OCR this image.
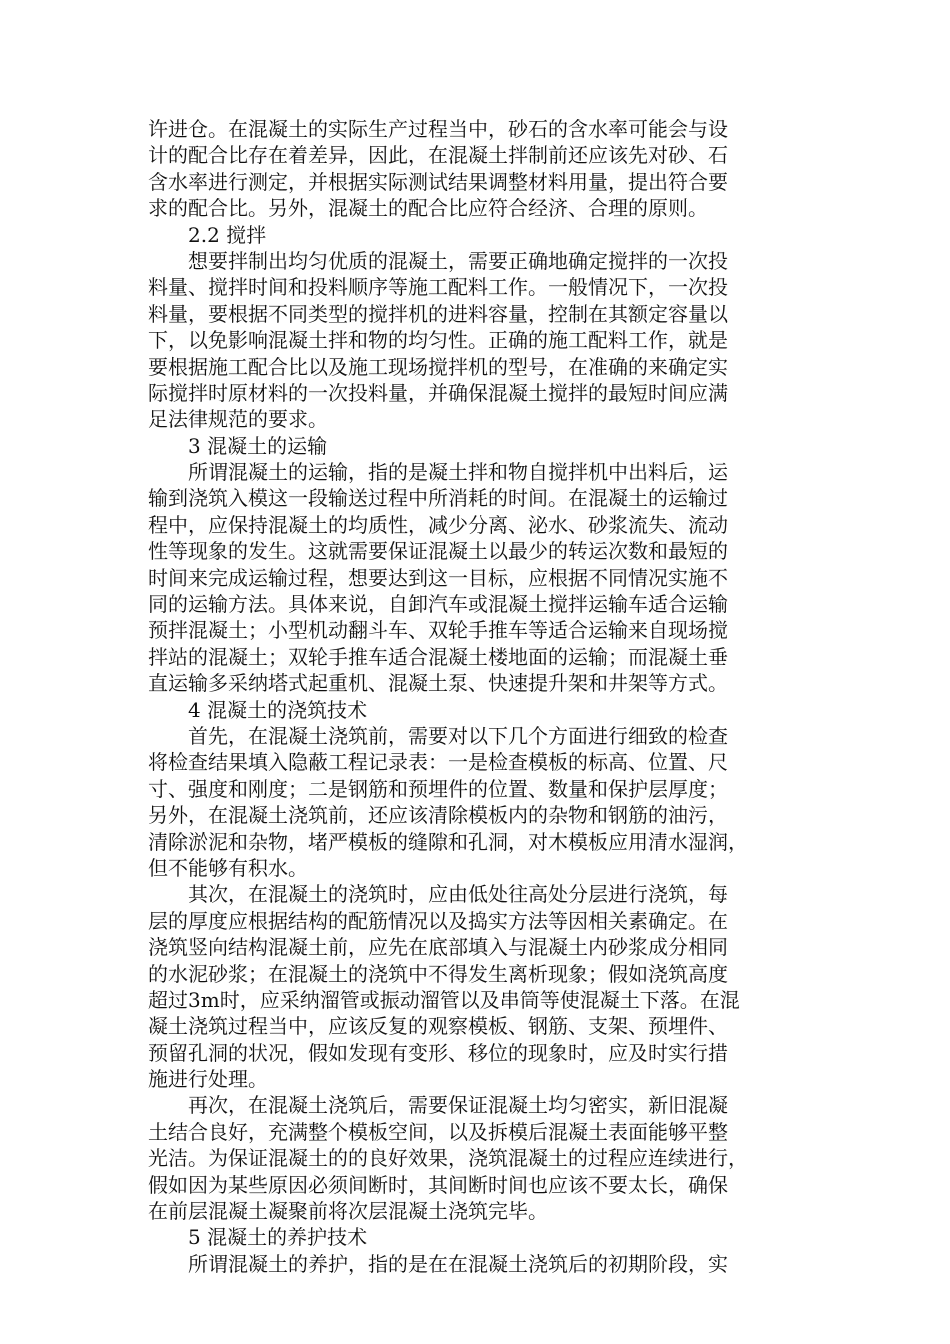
许进仓。在混凝土的实际生产过程当中，砂石的含水率可能会与设
计的配合比存在着差异，因此，在混凝土拌制前还应该先对砂、石
含水率进行测定，并根据实际测试结果调整材料用量，提出符合要
求的配合比。另外，混凝土的配合比应符合经济、合理的原则。
2.2 搅拌
想要拌制出均匀优质的混凝土，需要正确地确定搅拌的一次投
料量、搅拌时间和投料顺序等施工配料工作。一般情况下，一次投
料量，要根据不同类型的搅拌机的进料容量，控制在其额定容量以
下，以免影响混凝土拌和物的均匀性。正确的施工配料工作，就是
要根据施工配合比以及施工现场搅拌机的型号，在准确的来确定实
际搅拌时原材料的一次投料量，并确保混凝土搅拌的最短时间应满
足法律规范的要求。
3 混凝土的运输
所谓混凝土的运输，指的是凝土拌和物自搅拌机中出料后，运
输到浇筑入模这一段输送过程中所消耗的时间。在混凝土的运输过
程中，应保持混凝土的均质性，减少分离、泌水、砂浆流失、流动
性等现象的发生。这就需要保证混凝土以最少的转运次数和最短的
时间来完成运输过程，想要达到这一目标，应根据不同情况实施不
同的运输方法。具体来说，自卸汽车或混凝土搅拌运输车适合运输
预拌混凝土；小型机动翻斗车、双轮手推车等适合运输来自现场搅
拌站的混凝土；双轮手推车适合混凝土楼地面的运输；而混凝土垂
直运输多采纳塔式起重机、混凝土泵、快速提升架和井架等方式。
4 混凝土的浇筑技术
首先，在混凝土浇筑前，需要对以下几个方面进行细致的检查
将检查结果填入隐蔽工程记录表：一是检查模板的标高、位置、尺
寸、强度和刚度；二是钢筋和预埋件的位置、数量和保护层厚度；
另外，在混凝土浇筑前，还应该清除模板内的杂物和钢筋的油污，
清除淤泥和杂物，堵严模板的缝隙和孔洞，对木模板应用清水湿润，
但不能够有积水。
其次，在混凝土的浇筑时，应由低处往高处分层进行浇筑，每
层的厚度应根据结构的配筋情况以及捣实方法等因相关素确定。在
浇筑竖向结构混凝土前，应先在底部填入与混凝土内砂浆成分相同
的水泥砂浆；在混凝土的浇筑中不得发生离析现象；假如浇筑高度
超过3m时，应采纳溜管或振动溜管以及串筒等使混凝土下落。在混
凝土浇筑过程当中，应该反复的观察模板、钢筋、支架、预埋件、
预留孔洞的状况，假如发现有变形、移位的现象时，应及时实行措
施进行处理。
再次，在混凝土浇筑后，需要保证混凝土均匀密实，新旧混凝
土结合良好，充满整个模板空间，以及拆模后混凝土表面能够平整
光洁。为保证混凝土的的良好效果，浇筑混凝土的过程应连续进行，
假如因为某些原因必须间断时，其间断时间也应该不要太长，确保
在前层混凝土凝聚前将次层混凝土浇筑完毕。
5 混凝土的养护技术
所谓混凝土的养护，指的是在在混凝土浇筑后的初期阶段，实
